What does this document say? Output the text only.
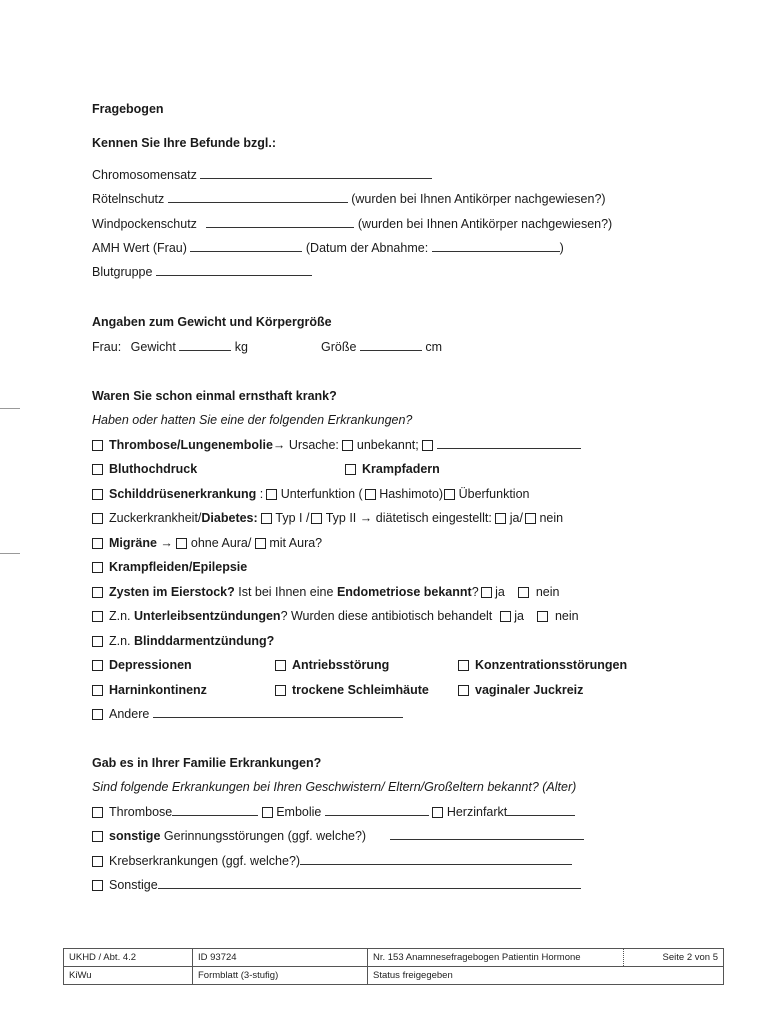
Fragebogen
Kennen Sie Ihre Befunde bzgl.:
Chromosomensatz
Rötelnschutz	(wurden bei Ihnen Antikörper nachgewiesen?)
Windpockenschutz	(wurden bei Ihnen Antikörper nachgewiesen?)
AMH Wert (Frau)	(Datum der Abnahme:	)
Blutgruppe
Angaben zum Gewicht und Körpergröße
Frau: Gewicht	kg	Größe	cm
Waren Sie schon einmal ernsthaft krank?
Haben oder hatten Sie eine der folgenden Erkrankungen?
Thrombose/Lungenembolie→ Ursache: unbekannt;
Bluthochdruck	Krampfadern
Schilddrüsenerkrankung : Unterfunktion ( Hashimoto) Überfunktion
Zuckerkrankheit/Diabetes: Typ I / Typ II → diätetisch eingestellt: ja/ nein
Migräne → ohne Aura/ mit Aura?
Krampfleiden/Epilepsie
Zysten im Eierstock? Ist bei Ihnen eine Endometriose bekannt? ja nein
Z.n. Unterleibsentzündungen? Wurden diese antibiotisch behandelt ja nein
Z.n. Blinddarmentzündung?
Depressionen	Antriebsstörung	Konzentrationsstörungen
Harninkontinenz	trockene Schleimhäute	vaginaler Juckreiz
Andere
Gab es in Ihrer Familie Erkrankungen?
Sind folgende Erkrankungen bei Ihren Geschwistern/ Eltern/Großeltern bekannt? (Alter)
Thrombose	Embolie	Herzinfarkt
sonstige Gerinnungsstörungen (ggf. welche?)
Krebserkrankungen (ggf. welche?)
Sonstige
UKHD / Abt. 4.2	ID 93724	Nr. 153 Anamnesefragebogen Patientin Hormone	Seite 2 von 5
KiWu	Formblatt (3-stufig)	Status freigegeben	
